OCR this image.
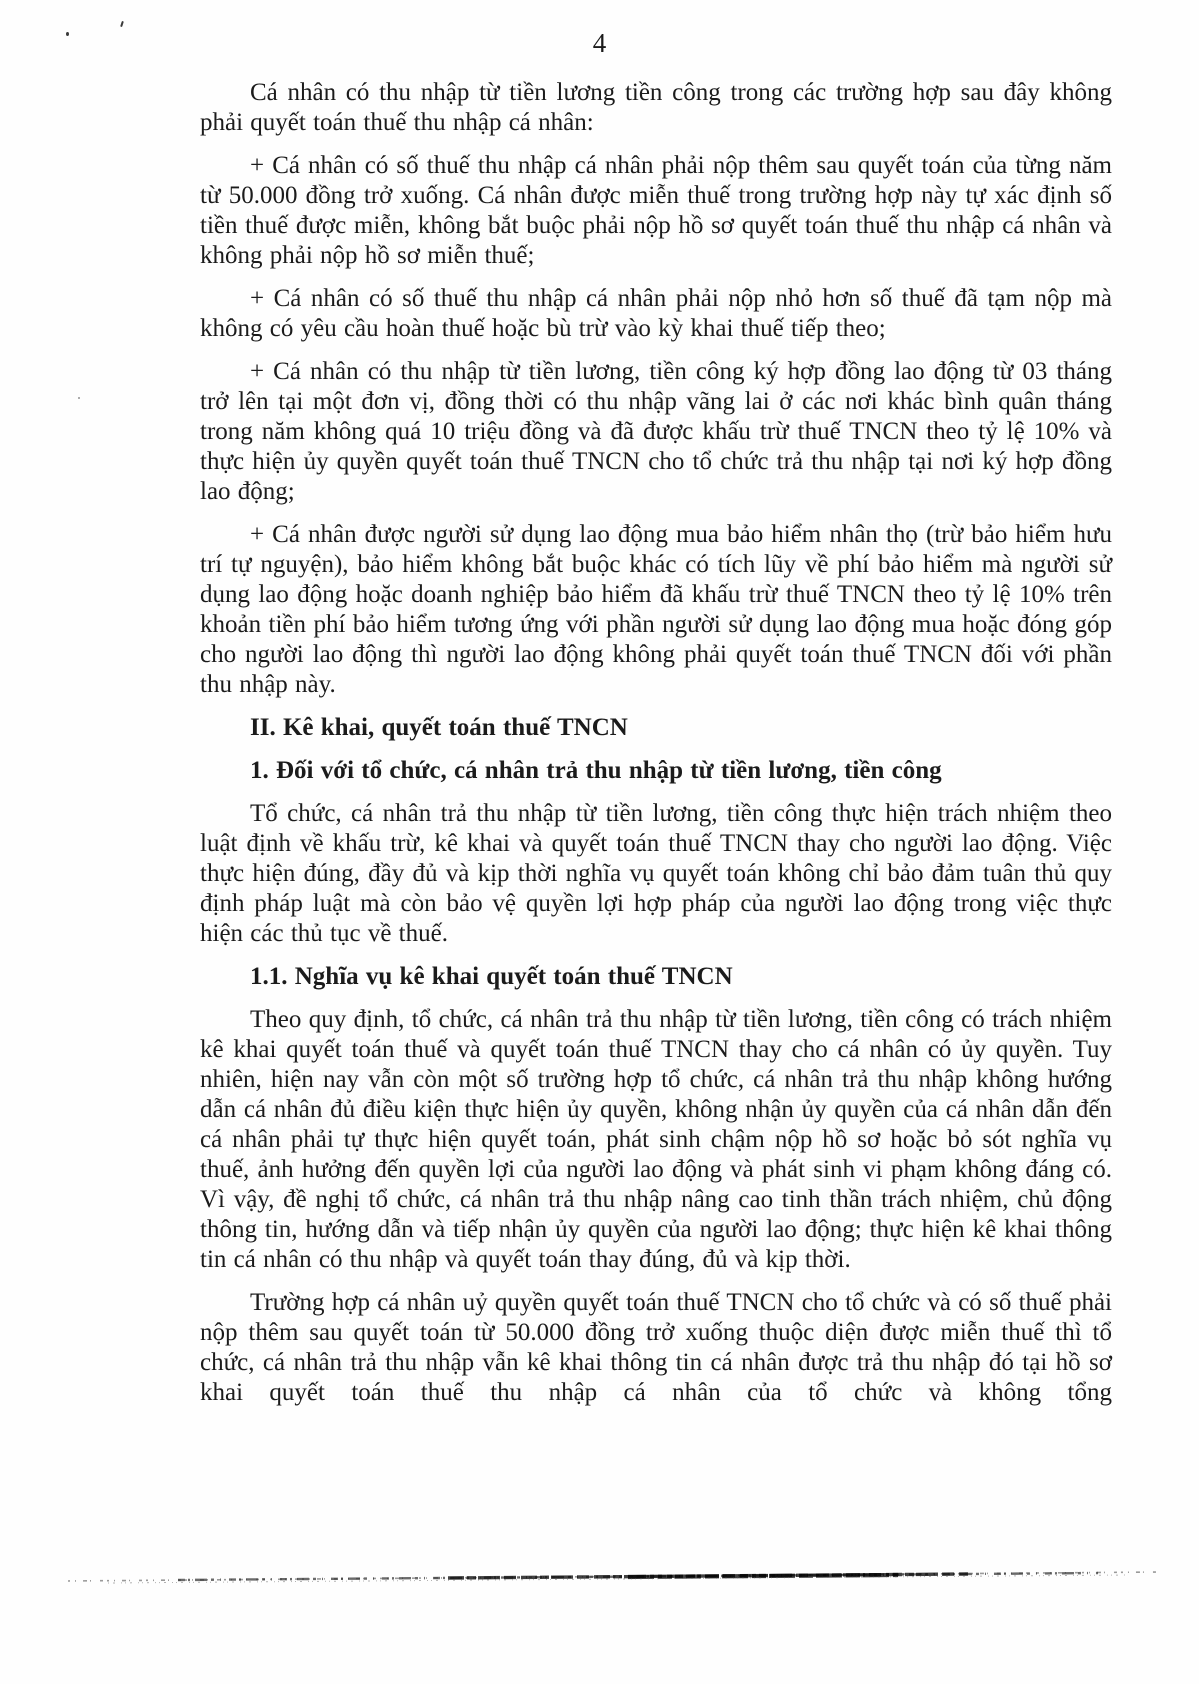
4

Cá nhân có thu nhập từ tiền lương tiền công trong các trường hợp sau đây không phải quyết toán thuế thu nhập cá nhân:

+ Cá nhân có số thuế thu nhập cá nhân phải nộp thêm sau quyết toán của từng năm từ 50.000 đồng trở xuống. Cá nhân được miễn thuế trong trường hợp này tự xác định số tiền thuế được miễn, không bắt buộc phải nộp hồ sơ quyết toán thuế thu nhập cá nhân và không phải nộp hồ sơ miễn thuế;

+ Cá nhân có số thuế thu nhập cá nhân phải nộp nhỏ hơn số thuế đã tạm nộp mà không có yêu cầu hoàn thuế hoặc bù trừ vào kỳ khai thuế tiếp theo;

+ Cá nhân có thu nhập từ tiền lương, tiền công ký hợp đồng lao động từ 03 tháng trở lên tại một đơn vị, đồng thời có thu nhập vãng lai ở các nơi khác bình quân tháng trong năm không quá 10 triệu đồng và đã được khấu trừ thuế TNCN theo tỷ lệ 10% và thực hiện ủy quyền quyết toán thuế TNCN cho tổ chức trả thu nhập tại nơi ký hợp đồng lao động;

+ Cá nhân được người sử dụng lao động mua bảo hiểm nhân thọ (trừ bảo hiểm hưu trí tự nguyện), bảo hiểm không bắt buộc khác có tích lũy về phí bảo hiểm mà người sử dụng lao động hoặc doanh nghiệp bảo hiểm đã khấu trừ thuế TNCN theo tỷ lệ 10% trên khoản tiền phí bảo hiểm tương ứng với phần người sử dụng lao động mua hoặc đóng góp cho người lao động thì người lao động không phải quyết toán thuế TNCN đối với phần thu nhập này.

II. Kê khai, quyết toán thuế TNCN

1. Đối với tổ chức, cá nhân trả thu nhập từ tiền lương, tiền công

Tổ chức, cá nhân trả thu nhập từ tiền lương, tiền công thực hiện trách nhiệm theo luật định về khấu trừ, kê khai và quyết toán thuế TNCN thay cho người lao động. Việc thực hiện đúng, đầy đủ và kịp thời nghĩa vụ quyết toán không chỉ bảo đảm tuân thủ quy định pháp luật mà còn bảo vệ quyền lợi hợp pháp của người lao động trong việc thực hiện các thủ tục về thuế.

1.1. Nghĩa vụ kê khai quyết toán thuế TNCN

Theo quy định, tổ chức, cá nhân trả thu nhập từ tiền lương, tiền công có trách nhiệm kê khai quyết toán thuế và quyết toán thuế TNCN thay cho cá nhân có ủy quyền. Tuy nhiên, hiện nay vẫn còn một số trường hợp tổ chức, cá nhân trả thu nhập không hướng dẫn cá nhân đủ điều kiện thực hiện ủy quyền, không nhận ủy quyền của cá nhân dẫn đến cá nhân phải tự thực hiện quyết toán, phát sinh chậm nộp hồ sơ hoặc bỏ sót nghĩa vụ thuế, ảnh hưởng đến quyền lợi của người lao động và phát sinh vi phạm không đáng có. Vì vậy, đề nghị tổ chức, cá nhân trả thu nhập nâng cao tinh thần trách nhiệm, chủ động thông tin, hướng dẫn và tiếp nhận ủy quyền của người lao động; thực hiện kê khai thông tin cá nhân có thu nhập và quyết toán thay đúng, đủ và kịp thời.

Trường hợp cá nhân uỷ quyền quyết toán thuế TNCN cho tổ chức và có số thuế phải nộp thêm sau quyết toán từ 50.000 đồng trở xuống thuộc diện được miễn thuế thì tổ chức, cá nhân trả thu nhập vẫn kê khai thông tin cá nhân được trả thu nhập đó tại hồ sơ khai quyết toán thuế thu nhập cá nhân của tổ chức và không tổng
